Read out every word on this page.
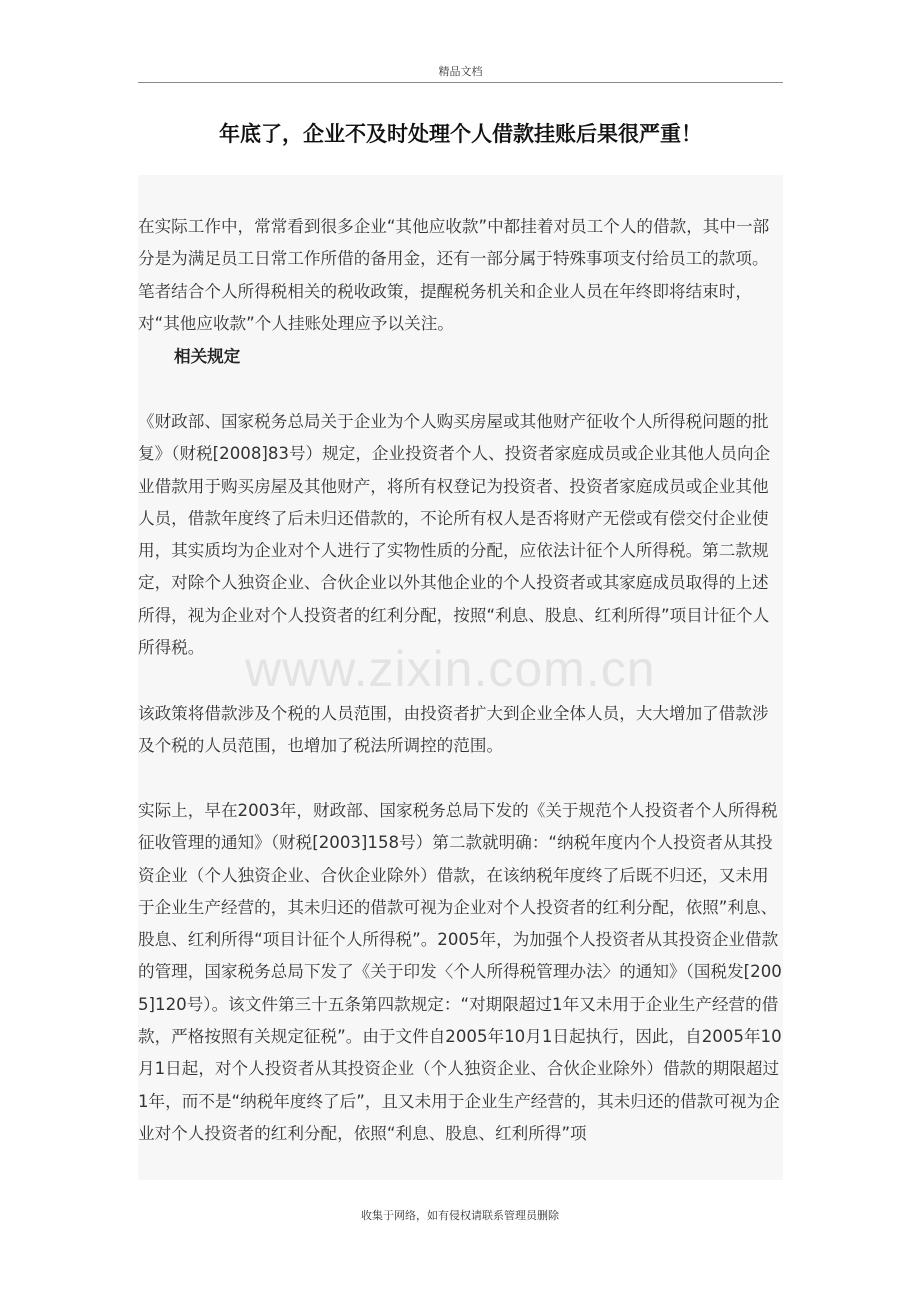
精品文档
年底了，企业不及时处理个人借款挂账后果很严重！

在实际工作中，常常看到很多企业“其他应收款”中都挂着对员工个人的借款，其中一部分是为满足员工日常工作所借的备用金，还有一部分属于特殊事项支付给员工的款项。笔者结合个人所得税相关的税收政策，提醒税务机关和企业人员在年终即将结束时，对“其他应收款”个人挂账处理应予以关注。

相关规定

《财政部、国家税务总局关于企业为个人购买房屋或其他财产征收个人所得税问题的批复》（财税[2008]83号）规定，企业投资者个人、投资者家庭成员或企业其他人员向企业借款用于购买房屋及其他财产，将所有权登记为投资者、投资者家庭成员或企业其他人员，借款年度终了后未归还借款的，不论所有权人是否将财产无偿或有偿交付企业使用，其实质均为企业对个人进行了实物性质的分配，应依法计征个人所得税。第二款规定，对除个人独资企业、合伙企业以外其他企业的个人投资者或其家庭成员取得的上述所得，视为企业对个人投资者的红利分配，按照“利息、股息、红利所得”项目计征个人所得税。

该政策将借款涉及个税的人员范围，由投资者扩大到企业全体人员，大大增加了借款涉及个税的人员范围，也增加了税法所调控的范围。

实际上，早在2003年，财政部、国家税务总局下发的《关于规范个人投资者个人所得税征收管理的通知》（财税[2003]158号）第二款就明确：“纳税年度内个人投资者从其投资企业（个人独资企业、合伙企业除外）借款，在该纳税年度终了后既不归还，又未用于企业生产经营的，其未归还的借款可视为企业对个人投资者的红利分配，依照”利息、股息、红利所得“项目计征个人所得税”。2005年，为加强个人投资者从其投资企业借款的管理，国家税务总局下发了《关于印发〈个人所得税管理办法〉的通知》（国税发[2005]120号）。该文件第三十五条第四款规定：“对期限超过1年又未用于企业生产经营的借款，严格按照有关规定征税”。由于文件自2005年10月1日起执行，因此，自2005年10月1日起，对个人投资者从其投资企业（个人独资企业、合伙企业除外）借款的期限超过1年，而不是“纳税年度终了后”，且又未用于企业生产经营的，其未归还的借款可视为企业对个人投资者的红利分配，依照“利息、股息、红利所得”项

www.zixin.com.cn
收集于网络，如有侵权请联系管理员删除
